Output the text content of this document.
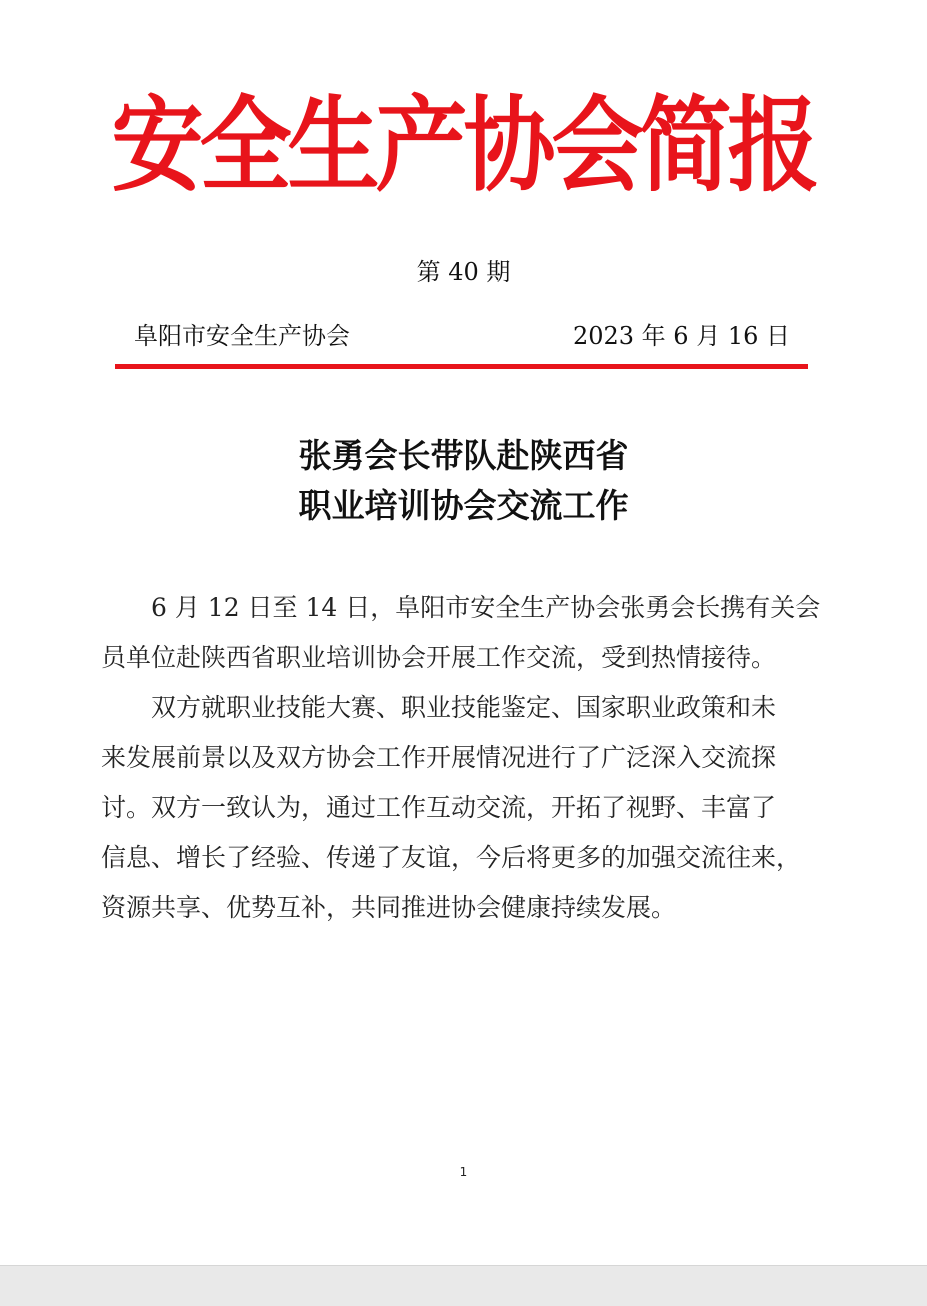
安全生产协会简报
第 40 期
阜阳市安全生产协会	2023 年 6 月 16 日
张勇会长带队赴陕西省
职业培训协会交流工作
6 月 12 日至 14 日，阜阳市安全生产协会张勇会长携有关会
员单位赴陕西省职业培训协会开展工作交流，受到热情接待。
双方就职业技能大赛、职业技能鉴定、国家职业政策和未
来发展前景以及双方协会工作开展情况进行了广泛深入交流探
讨。双方一致认为，通过工作互动交流，开拓了视野、丰富了
信息、增长了经验、传递了友谊，今后将更多的加强交流往来，
资源共享、优势互补，共同推进协会健康持续发展。
1
